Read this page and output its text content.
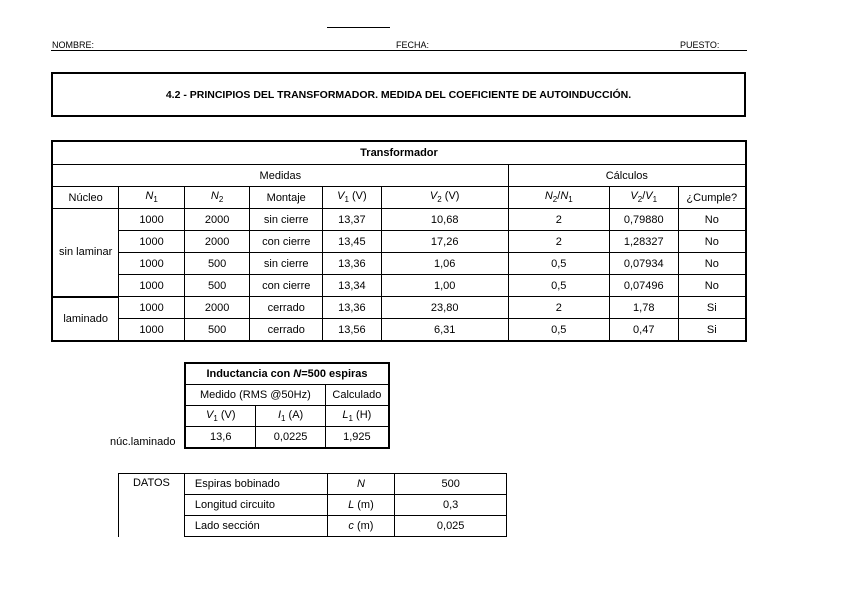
NOMBRE:	FECHA:	PUESTO:
4.2 - PRINCIPIOS DEL TRANSFORMADOR. MEDIDA DEL COEFICIENTE DE AUTOINDUCCIÓN.
Transformador								
Medidas						Cálculos		
Núcleo	$N_1$	$N_2$	Montaje	$V_1$ (V)	$V_2$ (V)	$N_2/N_1$	$V_2/V_1$	¿Cumple?
sin laminar	1000	2000	sin cierre	13,37	10,68	2	0,79880	No
	1000	2000	con cierre	13,45	17,26	2	1,28327	No
	1000	500	sin cierre	13,36	1,06	0,5	0,07934	No
	1000	500	con cierre	13,34	1,00	0,5	0,07496	No
laminado	1000	2000	cerrado	13,36	23,80	2	1,78	Si
	1000	500	cerrado	13,56	6,31	0,5	0,47	Si
núc.laminado
Inductancia con N=500 espiras		
Medido (RMS @50Hz)		Calculado
$V_1$ (V)	$I_1$ (A)	$L_1$ (H)
13,6	0,0225	1,925
DATOS	Espiras bobinado	N	500
	Longitud circuito	L (m)	0,3
	Lado sección	c (m)	0,025
